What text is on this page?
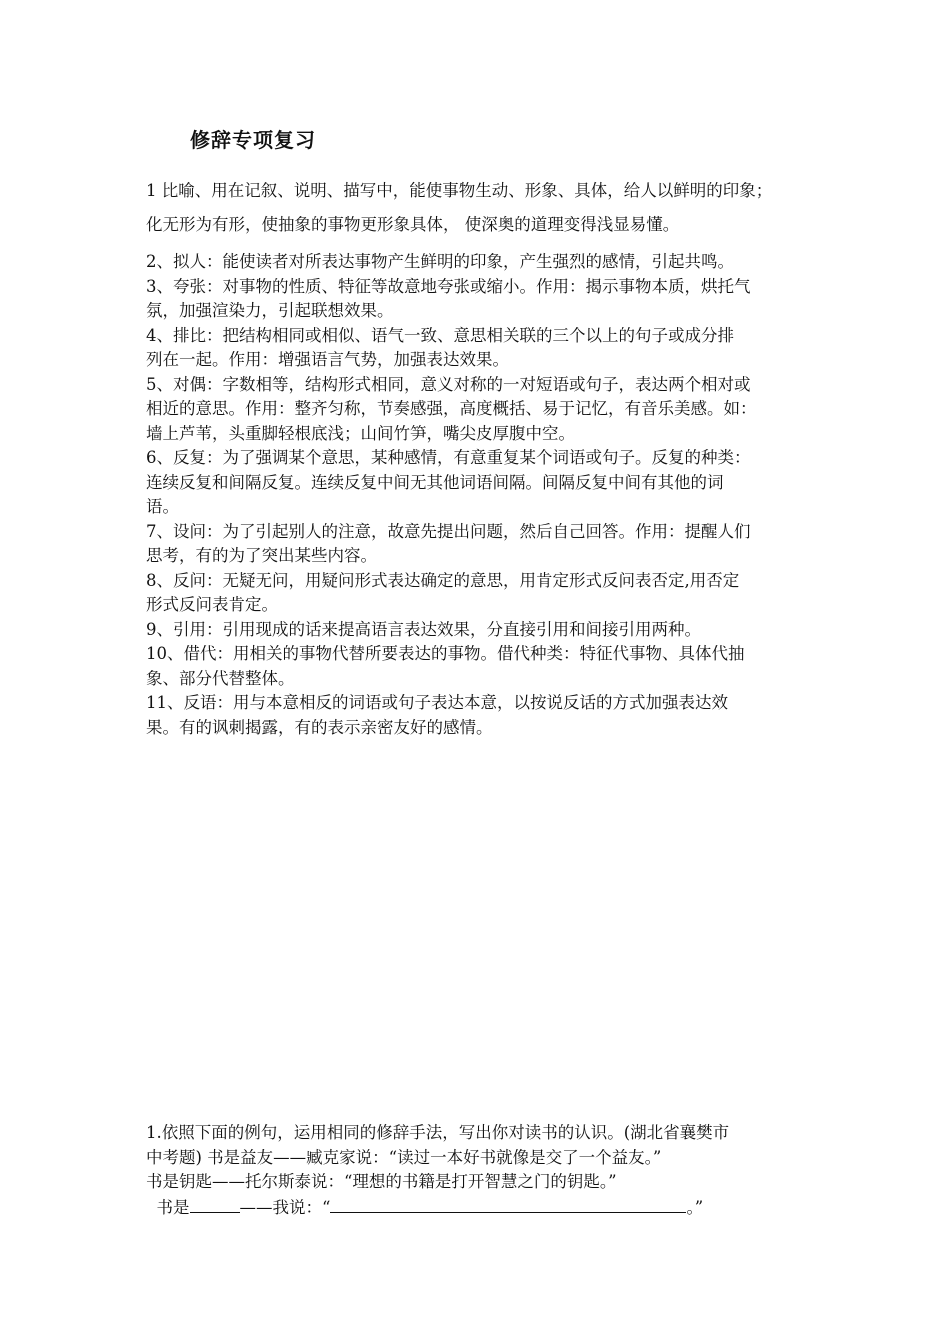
修辞专项复习
1 比喻、用在记叙、说明、描写中，能使事物生动、形象、具体，给人以鲜明的印象；
化无形为有形，使抽象的事物更形象具体， 使深奥的道理变得浅显易懂。
2、拟人：能使读者对所表达事物产生鲜明的印象，产生强烈的感情，引起共鸣。
3、夸张：对事物的性质、特征等故意地夸张或缩小。作用：揭示事物本质，烘托气
氛，加强渲染力，引起联想效果。
4、排比：把结构相同或相似、语气一致、意思相关联的三个以上的句子或成分排
列在一起。作用：增强语言气势，加强表达效果。
5、对偶：字数相等，结构形式相同，意义对称的一对短语或句子，表达两个相对或
相近的意思。作用：整齐匀称，节奏感强，高度概括、易于记忆，有音乐美感。如：
墙上芦苇，头重脚轻根底浅；山间竹笋，嘴尖皮厚腹中空。
6、反复：为了强调某个意思，某种感情，有意重复某个词语或句子。反复的种类：
连续反复和间隔反复。连续反复中间无其他词语间隔。间隔反复中间有其他的词
语。
7、设问：为了引起别人的注意，故意先提出问题，然后自己回答。作用：提醒人们
思考，有的为了突出某些内容。
8、反问：无疑无问，用疑问形式表达确定的意思，用肯定形式反问表否定,用否定
形式反问表肯定。
9、引用：引用现成的话来提高语言表达效果，分直接引用和间接引用两种。
10、借代：用相关的事物代替所要表达的事物。借代种类：特征代事物、具体代抽
象、部分代替整体。
11、反语：用与本意相反的词语或句子表达本意，以按说反话的方式加强表达效
果。有的讽刺揭露，有的表示亲密友好的感情。
1.依照下面的例句，运用相同的修辞手法，写出你对读书的认识。(湖北省襄樊市
中考题) 书是益友——臧克家说：“读过一本好书就像是交了一个益友。”
书是钥匙——托尔斯泰说：“理想的书籍是打开智慧之门的钥匙。”
书是	——我说：“	。”
